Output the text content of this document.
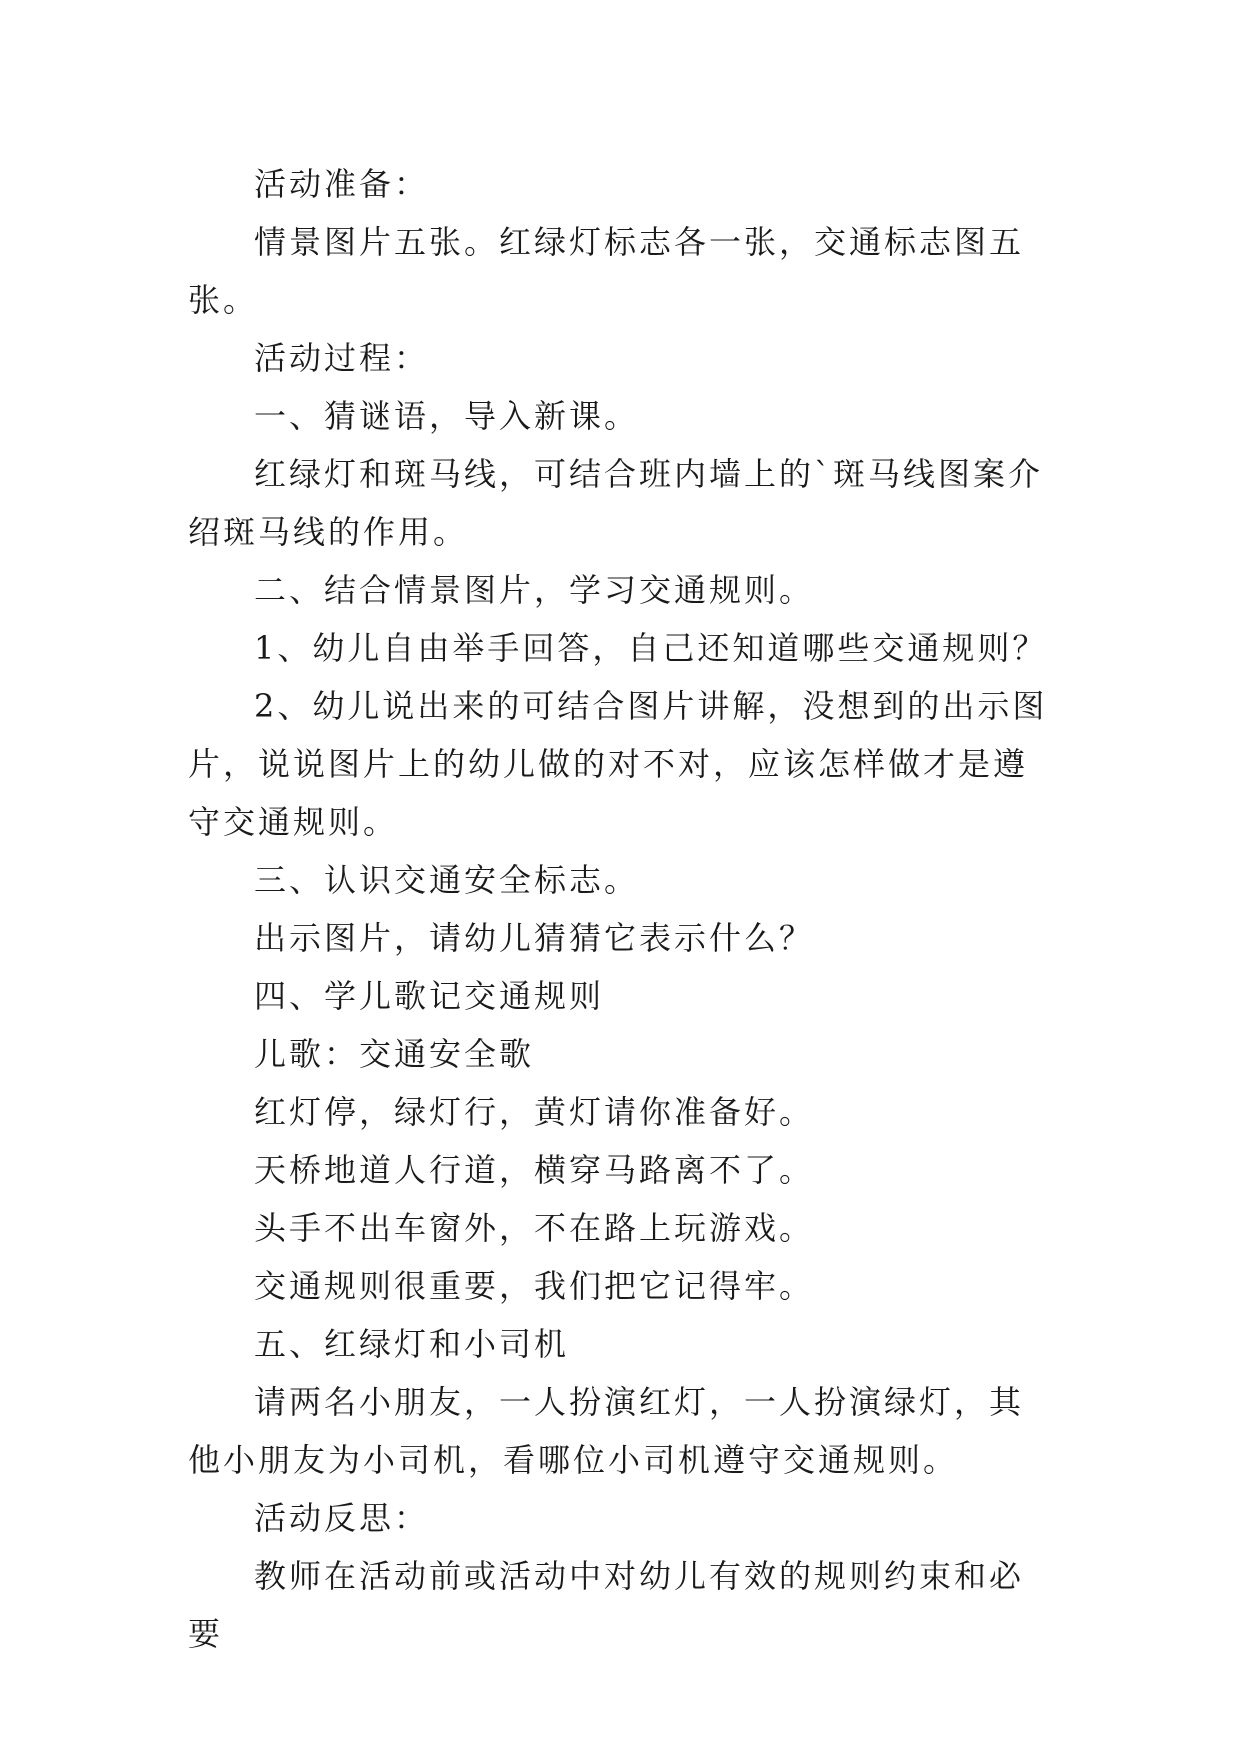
活动准备：

情景图片五张。红绿灯标志各一张，交通标志图五张。

活动过程：

一、猜谜语，导入新课。

红绿灯和斑马线，可结合班内墙上的`斑马线图案介绍斑马线的作用。

二、结合情景图片，学习交通规则。

1、幼儿自由举手回答，自己还知道哪些交通规则？

2、幼儿说出来的可结合图片讲解，没想到的出示图片，说说图片上的幼儿做的对不对，应该怎样做才是遵守交通规则。

三、认识交通安全标志。

出示图片，请幼儿猜猜它表示什么？

四、学儿歌记交通规则

儿歌：交通安全歌

红灯停，绿灯行，黄灯请你准备好。

天桥地道人行道，横穿马路离不了。

头手不出车窗外，不在路上玩游戏。

交通规则很重要，我们把它记得牢。

五、红绿灯和小司机

请两名小朋友，一人扮演红灯，一人扮演绿灯，其他小朋友为小司机，看哪位小司机遵守交通规则。

活动反思：

教师在活动前或活动中对幼儿有效的规则约束和必要
